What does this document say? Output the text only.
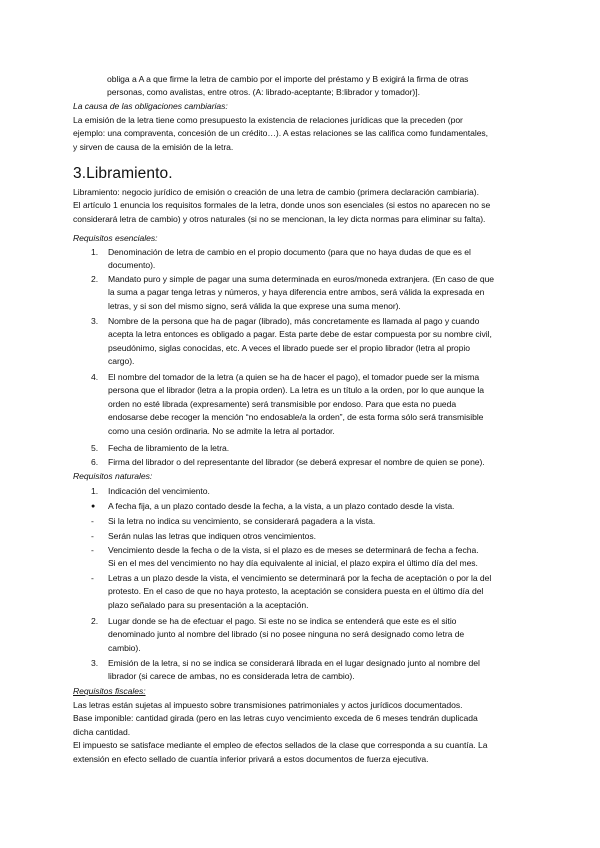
obliga a A a que firme la letra de cambio por el importe del préstamo y B exigirá la firma de otras
personas, como avalistas, entre otros. (A: librado-aceptante; B:librador y tomador)].
La causa de las obligaciones cambiarias:
La emisión de la letra tiene como presupuesto la existencia de relaciones jurídicas que la preceden (por
ejemplo: una compraventa, concesión de un crédito…). A estas relaciones se las califica como fundamentales,
y sirven de causa de la emisión de la letra.
3.Libramiento.
Libramiento: negocio jurídico de emisión o creación de una letra de cambio (primera declaración cambiaria).
El artículo 1 enuncia los requisitos formales de la letra, donde unos son esenciales (si estos no aparecen no se
considerará letra de cambio) y otros naturales (si no se mencionan, la ley dicta normas para eliminar su falta).
Requisitos esenciales:
1.	Denominación de letra de cambio en el propio documento (para que no haya dudas de que es el
documento).
2.	Mandato puro y simple de pagar una suma determinada en euros/moneda extranjera. (En caso de que
la suma a pagar tenga letras y números, y haya diferencia entre ambos, será válida la expresada en
letras, y si son del mismo signo, será válida la que exprese una suma menor).
3.	Nombre de la persona que ha de pagar (librado), más concretamente es llamada al pago y cuando
acepta la letra entonces es obligado a pagar. Esta parte debe de estar compuesta por su nombre civil,
pseudónimo, siglas conocidas, etc. A veces el librado puede ser el propio librador (letra al propio
cargo).
4.	El nombre del tomador de la letra (a quien se ha de hacer el pago), el tomador puede ser la misma
persona que el librador (letra a la propia orden). La letra es un título a la orden, por lo que aunque la
orden no esté librada (expresamente) será transmisible por endoso. Para que esta no pueda
endosarse debe recoger la mención “no endosable/a la orden”, de esta forma sólo será transmisible
como una cesión ordinaria. No se admite la letra al portador.
5.	Fecha de libramiento de la letra.
6.	Firma del librador o del representante del librador (se deberá expresar el nombre de quien se pone).
Requisitos naturales:
1.	Indicación del vencimiento.
●	A fecha fija, a un plazo contado desde la fecha, a la vista, a un plazo contado desde la vista.
-	Si la letra no indica su vencimiento, se considerará pagadera a la vista.
-	Serán nulas las letras que indiquen otros vencimientos.
-	Vencimiento desde la fecha o de la vista, si el plazo es de meses se determinará de fecha a fecha.
Si en el mes del vencimiento no hay día equivalente al inicial, el plazo expira el último día del mes.
-	Letras a un plazo desde la vista, el vencimiento se determinará por la fecha de aceptación o por la del
protesto. En el caso de que no haya protesto, la aceptación se considera puesta en el último día del
plazo señalado para su presentación a la aceptación.
2.	Lugar donde se ha de efectuar el pago. Si este no se indica se entenderá que este es el sitio
denominado junto al nombre del librado (si no posee ninguna no será designado como letra de
cambio).
3.	Emisión de la letra, si no se indica se considerará librada en el lugar designado junto al nombre del
librador (si carece de ambas, no es considerada letra de cambio).
Requisitos fiscales:
Las letras están sujetas al impuesto sobre transmisiones patrimoniales y actos jurídicos documentados.
Base imponible: cantidad girada (pero en las letras cuyo vencimiento exceda de 6 meses tendrán duplicada
dicha cantidad.
El impuesto se satisface mediante el empleo de efectos sellados de la clase que corresponda a su cuantía. La
extensión en efecto sellado de cuantía inferior privará a estos documentos de fuerza ejecutiva.
